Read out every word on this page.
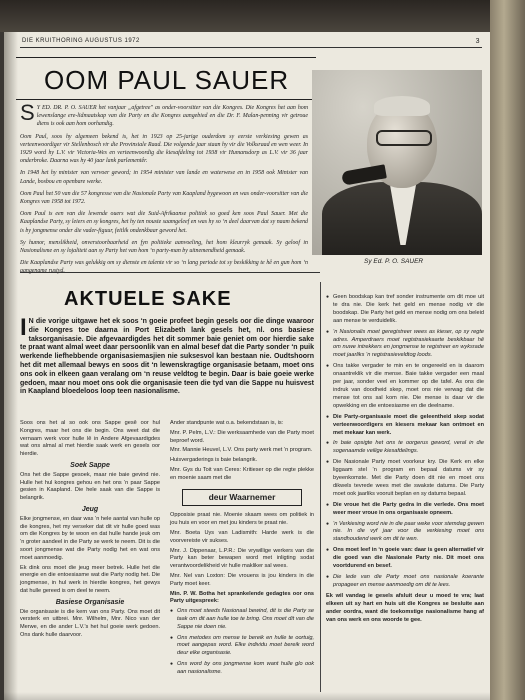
DIE KRUITHORING AUGUSTUS 1972	3
OOM PAUL SAUER
Sy Ed. P. O. SAUER
S Y ED. DR. P. O. SAUER het vanjaar „afgetree" as onder-voorsitter van die Kongres. Die Kongres het aan hom lewenslange ere-lidmaatskap van die Party en die Kongres aangebied en die Dr. F. Malan-penning vir getroue diens is ook aan hom oorhandig.

Oom Paul, soos hy algemeen bekend is, het in 1923 op 25-jarige ouderdom sy eerste verkiesing gewen as verteenwoordiger vir Stellenbosch vir die Provinsiale Raad. Die volgende jaar staan hy vir die Volksraad en wen weer. In 1929 word hy L.V. vir Victoria-Wes en verteenwoordig die kiesafdeling tot 1938 vir Humansdorp as L.V. vir 36 jaar onderbroke. Daarna was hy 40 jaar lank parlementêr.

In 1948 het hy minister van vervoer geword; in 1954 minister van lande en waterwese en in 1958 ook Minister van Lande, bosbou en openbare werke.

Oom Paul het 50 van die 57 kongresse van die Nasionale Party van Kaapland bygewoon en was onder-voorsitter van die Kongres van 1958 tot 1972.

Oom Paul is een van die lewende ouers wat die Suid-Afrikaanse politiek so goed ken soos Paul Sauer. Met die Kaaplandse Party, sy leiers en sy kongres, het hy ten nouste saamgeleef en was hy so ‘n deel daarvan dat sy naam bekend is by jongmense onder die vader-figuur, feitlik ondenkbaar geword het.

Sy humor, menslikheid, onverstoorbaarheid en fyn politieke aanvoeling, het hom kleurryk gemaak. Sy geloof in Nasionalisme en sy lojaliteit aan sy Party het van hom ‘n party-man by uitnemendheid gemaak.

Die Kaaplandse Party was gelukkig om sy dienste en talente vir so ‘n lang periode tot sy beskikking te hê en gun hom ‘n aangename rustyd.

AKTUELE SAKE
I N die vorige uitgawe het ek soos ‘n goeie profeet begin gesels oor die dinge waaroor die Kongres toe daarna in Port Elizabeth lank gesels het, nl. ons basiese taksorganisasie. Die afgevaardigdes het dit sommer baie geniet om oor hierdie sake te praat want almal weet daar persoonlik van en almal besef dat die Party sonder ‘n puik werkende liefhebbende organisasiemasjien nie suksesvol kan bestaan nie. Oudtshoorn het dit met allemaal bewys en soos dit ‘n lewenskragtige organisasie betaam, moet ons ons ook in elkeen gaan veralang om ‘n reuse veldtog te begin. Daar is baie goeie werke gedoen, maar nou moet ons ook die organisasie teen die tyd van die Sappe nu huisvest in Kaapland bloedeloos loop teen nasionalisme.

Soos ons het al so ook ons Sappe gesê oor hul Kongres, maar het ons die begin. Ons weet dat die vernaam werk voor hulle lê in Andere Afgevaardigdes wat ons almal al met hierdie saak werk en gesels oor hierdie.

Soek Sappe

Ons het die Sappe gesoek, maar nie baie gevind nie. Hulle het hul kongres gehou en het ons ‘n paar Sappe gesien in Kaapland. Die hele saak van die Sappe is belangrik.

Jeug

Elke jongmense, en daar was ‘n hele aantal van hulle op die kongres, het my verseker dat dit vir hulle goed was om die Kongres by te woon en dat hulle hande jeuk om ‘n groter aandeel in die Party se werk te neem. Dit is die soort jongmense wat die Party nodig het en wat ons moet aanmoedig.

Ek dink ons moet die jeug meer betrek. Hulle het die energie en die entoesiasme wat die Party nodig het. Die jongmense, in hul werk in hierdie kongres, het gewys dat hulle gereed is om deel te neem.

Basiese Organisasie

Die organisasie is die kern van ons Party. Ons moet dit versterk en uitbrei. Mnr. Wilhelm, Mnr. Nico van der Merwe, en die ander L.V.’s het hul goeie werk gedoen. Ons dank hulle daarvoor.

Ander standpunte wat o.a. bekendstaan is, is:

Mnr. P. Pelm, L.V.: Die werksaamhede van die Party moet beproef word.

Mnr. Mannie Heuvel, L.V. Ons party werk met ‘n program.

Huisvergaderings is baie belangrik.

Mnr. Gys du Toit van Ceres: Kritieser op die regte plekke en moenie saam met die

deur Waarnemer

Opposisie praat nie. Moenie skaam wees om politiek in jou huis en voor en met jou kinders te praat nie.

Mnr. Boeta Uys van Ladismith: Harde werk is die voorvereiste vir sukses.

Mnr. J. Dippenaar, L.P.R.: Die vrywillige werkers van die Party kan beter bewapen word met inligting sodat verantwoordelikheid vir hulle makliker sal wees.

Mnr. Nel van Loxton: Die vrouens is jou kinders in die Party moet keer.

Min. P. W. Botha het sprankelende gedagtes oor ons Party uitgespreek:

● Ons moet steeds Nasionaal bewind, dit is die Party se taak om dit aan hulle toe te bring. Ons moet dit van die Sappe nie doen nie.

● Ons metodes om mense te bereik en hulle te oortuig, moet aangepas word. Elke individu moet bereik word deur elke organisasie.

● Ons word by ons jongmense kom want hulle glo ook aan nasionalisme.

● Geen boodskap kan tref sonder instrumente om dit moe uit te dra nie. Die kerk het geld en mense nodig vir die boodskap. Die Party het geld en mense nodig om ons beleid aan mense te verduidelik.

● ‘n Nasionalis moet geregistreer wees as kieser, op sy regte adres. Amperdraers moet registrasiekaarte beskikbaar hê om nuwe intrekkers en jongmense te registreer en wyksrade moet jaarliks ‘n registrasieveldtog loods.

● Ons takke vergader te min en te ongereeld en is daarom onaantreklik vir die mense. Baie takke vergader een maal per jaar, sonder veel en kommer op die tafel. As ons die indruk van doodheid skep, moet ons nie verwag dat die mense tot ons sal kom nie. Die mense is daar vir die opwekking en die entoesiasme en die deelname.

● Die Party-organisasie moet die geleentheid skep sodat verteenwoordigers en kiesers mekaar kan ontmoet en met mekaar kan werk.

● In baie opsigte het ons te oorgerus geword, veral in die sogenaamde veilige kiesafdelings.

● Die Nasionale Party moet voorkeur kry. Die Kerk en elke liggaam stel ‘n program en bepaal datums vir sy byeenkomste. Met die Party doen dit nie en moet ons dikwels tevrede wees met die swakste datums. Die Party moet ook jaarliks vooruit beplan en sy datums bepaal.

● Die vroue het die Party gedra in die verlede. Ons moet weer meer vroue in ons organisasie opneem.

● ‘n Verkiesing word nie in die paar weke voor stemdag gewen nie. In die vyf jaar voor die verkiesing moet ons standhoudend werk om dit te wen.

● Ons moet leef in ‘n goeie van: daar is geen alternatief vir die goed van die Nasionale Party nie. Dit moet ons voortdurend en besef.

● Die lede van die Party moet ons nasionale koerante propageer en mense aanmoedig om dit te lees.

Ek wil vandag ie gesels afsluit deur u moed te vra; laat elkeen uit sy hart en huis uit die Kongres se besluite aan ander oordra, want die toekomstige nasionalisme hang af van ons werk en ons woorde te gee.
